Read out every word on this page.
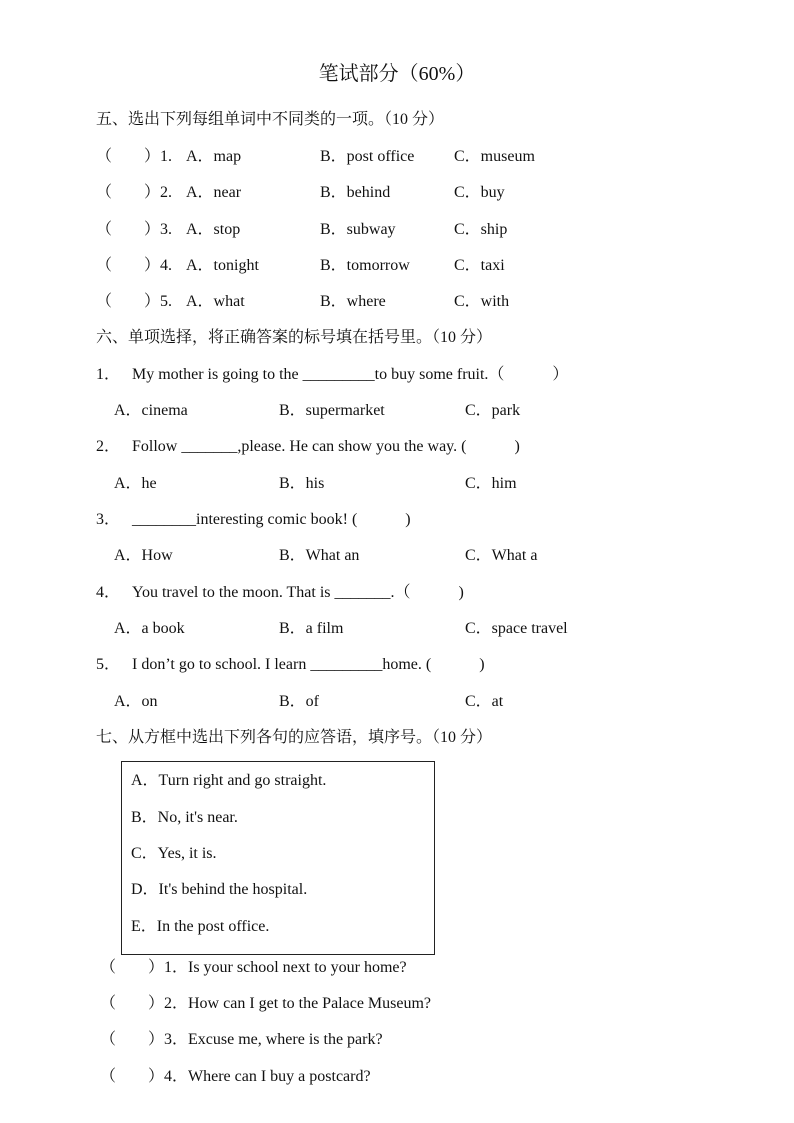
笔试部分（60%）
五、选出下列每组单词中不同类的一项。（10 分）
（　　）1. A．map	B．post office C．museum
（　　）2. A．near	B．behind	C．buy
（　　）3. A．stop	B．subway	C．ship
（　　）4. A．tonight	B．tomorrow	C．taxi
（　　）5. A．what	B．where	C．with
六、单项选择，将正确答案的标号填在括号里。（10 分）
1． My mother is going to the _________to buy some fruit.（　　　）
A．cinema	B．supermarket	C．park
2． Follow _______,please. He can show you the way. (　　　)
A．he	B．his	C．him
3． ________interesting comic book! (　　　)
A．How	B．What an	C．What a
4． You travel to the moon. That is _______.（　　　)
A．a book	B．a film	C．space travel
5． I don’t go to school. I learn _________home. (　　　)
A．on	B．of	C．at
七、从方框中选出下列各句的应答语，填序号。（10 分）
A．Turn right and go straight.
B．No, it's near.
C．Yes, it is.
D．It's behind the hospital.
E．In the post office.
（　　）1．Is your school next to your home?
（　　）2．How can I get to the Palace Museum?
（　　）3．Excuse me, where is the park?
（　　）4．Where can I buy a postcard?
